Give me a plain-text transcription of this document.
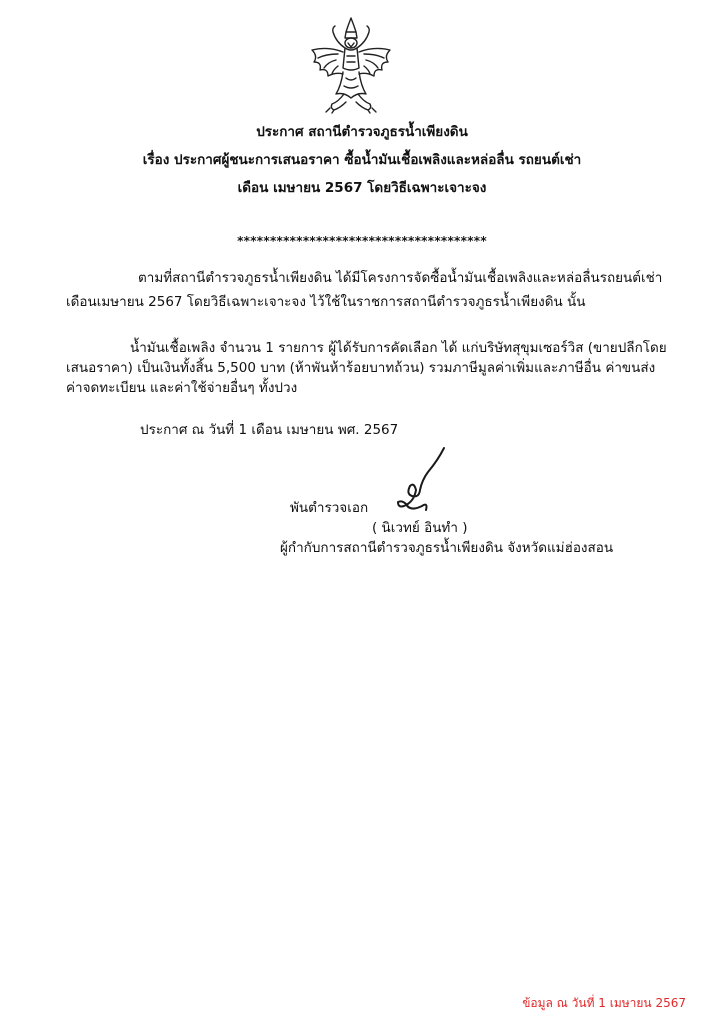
ประกาศ สถานีตำรวจภูธรน้ำเพียงดิน
เรื่อง ประกาศผู้ชนะการเสนอราคา ซื้อน้ำมันเชื้อเพลิงและหล่อลื่น รถยนต์เช่า
เดือน เมษายน 2567 โดยวิธีเฉพาะเจาะจง
**************************************
ตามที่สถานีตำรวจภูธรน้ำเพียงดิน ได้มีโครงการจัดซื้อน้ำมันเชื้อเพลิงและหล่อลื่นรถยนต์เช่า
เดือนเมษายน 2567 โดยวิธีเฉพาะเจาะจง ไว้ใช้ในราชการสถานีตำรวจภูธรน้ำเพียงดิน นั้น
น้ำมันเชื้อเพลิง จำนวน 1 รายการ ผู้ได้รับการคัดเลือก ได้ แก่บริษัทสุขุมเซอร์วิส (ขายปลีกโดย
เสนอราคา) เป็นเงินทั้งสิ้น 5,500 บาท (ห้าพันห้าร้อยบาทถ้วน) รวมภาษีมูลค่าเพิ่มและภาษีอื่น ค่าขนส่ง
ค่าจดทะเบียน และค่าใช้จ่ายอื่นๆ ทั้งปวง
ประกาศ ณ วันที่ 1 เดือน เมษายน พศ. 2567
พันตำรวจเอก
( นิเวทย์ อินทำ )
ผู้กำกับการสถานีตำรวจภูธรน้ำเพียงดิน จังหวัดแม่ฮ่องสอน
ข้อมูล ณ วันที่ 1 เมษายน 2567
